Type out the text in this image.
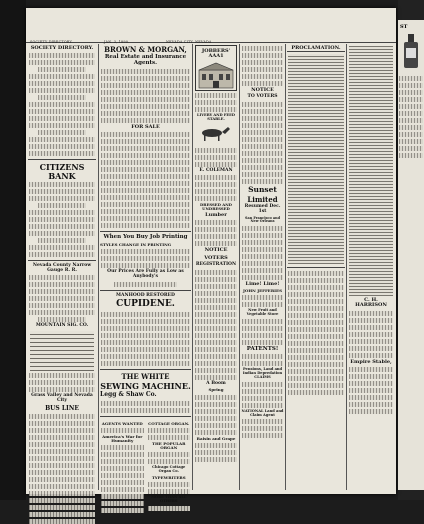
SOCIETY DIRECTORY.	JAN. 3, 1890.	NEVADA CITY, NEVADA
SOCIETY DIRECTORY.
CITIZENS BANK
Nevada County Narrow Gauge R. R.
MOUNTAIN SIG. CO.
Grass Valley and Nevada City
BUS LINE
BROWN & MORGAN,
Real Estate and Insurance Agents.
FOR SALE
When You Buy Job Printing
STYLES CHANGE IN PRINTING
Our Prices Are Fully as Low as Anybody's
MANHOOD RESTORED
CUPIDENE.
THE WHITE
SEWING MACHINE.
Legg & Shaw Co.
AGENTS WANTED
America's War for Humanity
COTTAGE ORGAN.
THE POPULAR ORGAN
Chicago Cottage Organ Co.
TYPEWRITERS
MORE THAN ALL OTHERS
JOBBERS' AAA1
LIVERY AND FEED STABLE.
E. COLEMAN
DRESSED AND UNDRESSED
Lumber
NOTICE
VOTERS
REGISTRATION
A Boom
Spring
Raisin and Grape
NOTICE
TO VOTERS
Sunset
Limited
Resumed Dec. 1st
San Francisco and New Orleans
Lime! Lime!
JOHN JEFFERIES
New Fruit and Vegetable Store
PATENTS!
Pensions, Land and Indian Depredation CLAIMS
NATIONAL Land and Claim Agent
PROCLAMATION.
C. H. HARRISON
Empire Stable,
ST
